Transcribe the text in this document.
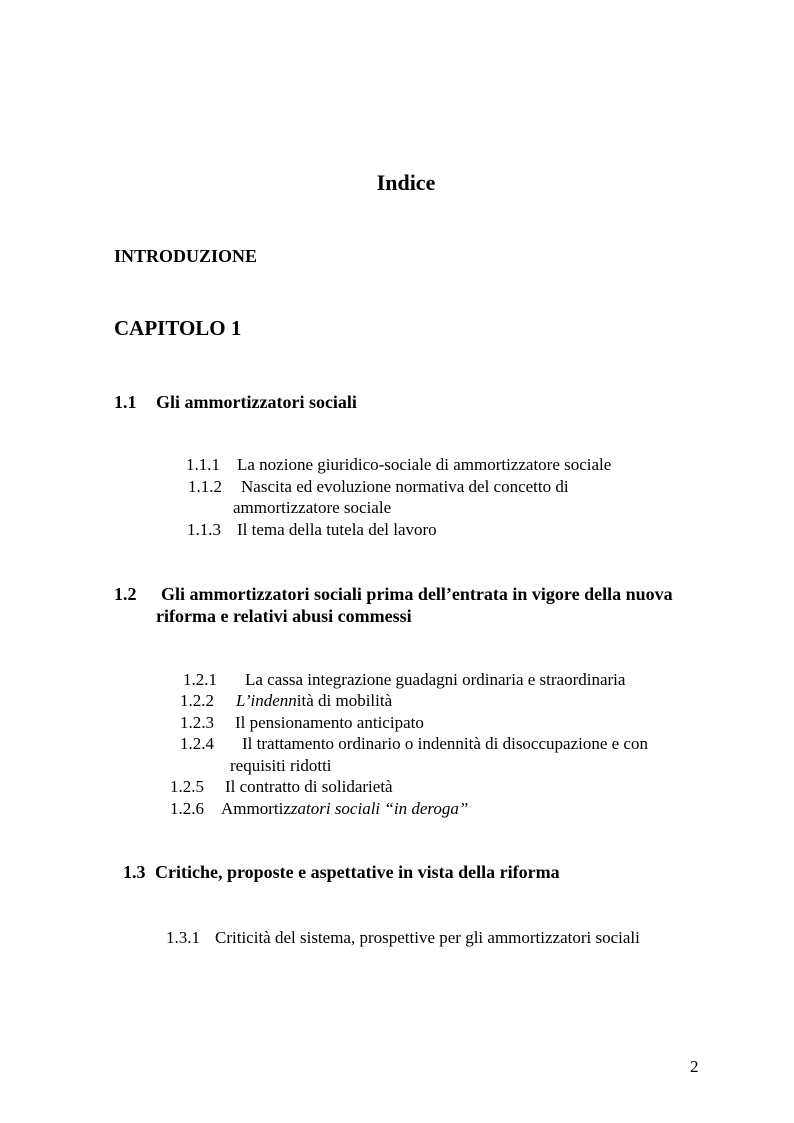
Indice
INTRODUZIONE
CAPITOLO 1
1.1 Gli ammortizzatori sociali
1.1.1 La nozione giuridico-sociale di ammortizzatore sociale
1.1.2 Nascita ed evoluzione normativa del concetto di
ammortizzatore sociale
1.1.3 Il tema della tutela del lavoro
1.2 Gli ammortizzatori sociali prima dell’entrata in vigore della nuova
riforma e relativi abusi commessi
1.2.1 La cassa integrazione guadagni ordinaria e straordinaria
1.2.2 L’indennità di mobilità
1.2.3 Il pensionamento anticipato
1.2.4 Il trattamento ordinario o indennità di disoccupazione e con
requisiti ridotti
1.2.5 Il contratto di solidarietà
1.2.6 Ammortizzatori sociali “in deroga”
1.3 Critiche, proposte e aspettative in vista della riforma
1.3.1 Criticità del sistema, prospettive per gli ammortizzatori sociali
2
